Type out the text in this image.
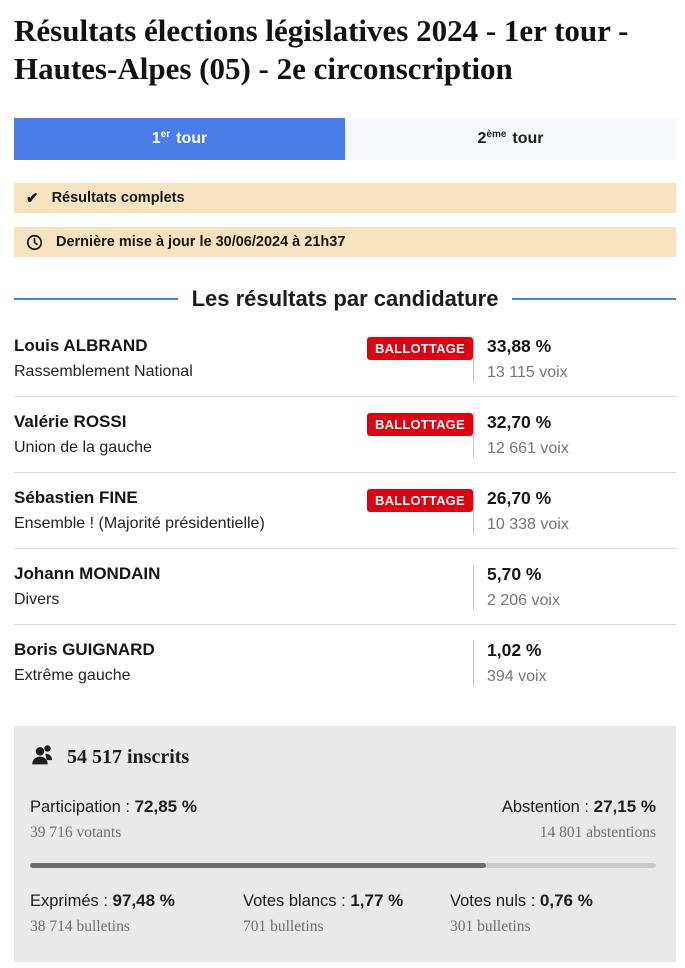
Résultats élections législatives 2024 - 1er tour - Hautes-Alpes (05) - 2e circonscription
1er tour	2ème tour
✔ Résultats complets
Dernière mise à jour le 30/06/2024 à 21h37
Les résultats par candidature
Louis ALBRAND
Rassemblement National
BALLOTTAGE	33,88 %
13 115 voix
Valérie ROSSI
Union de la gauche
BALLOTTAGE	32,70 %
12 661 voix
Sébastien FINE
Ensemble ! (Majorité présidentielle)
BALLOTTAGE	26,70 %
10 338 voix
Johann MONDAIN
Divers
5,70 %
2 206 voix
Boris GUIGNARD
Extrême gauche
1,02 %
394 voix
54 517 inscrits
Participation : 72,85 %
39 716 votants
Abstention : 27,15 %
14 801 abstentions
Exprimés : 97,48 %
38 714 bulletins
Votes blancs : 1,77 %
701 bulletins
Votes nuls : 0,76 %
301 bulletins
